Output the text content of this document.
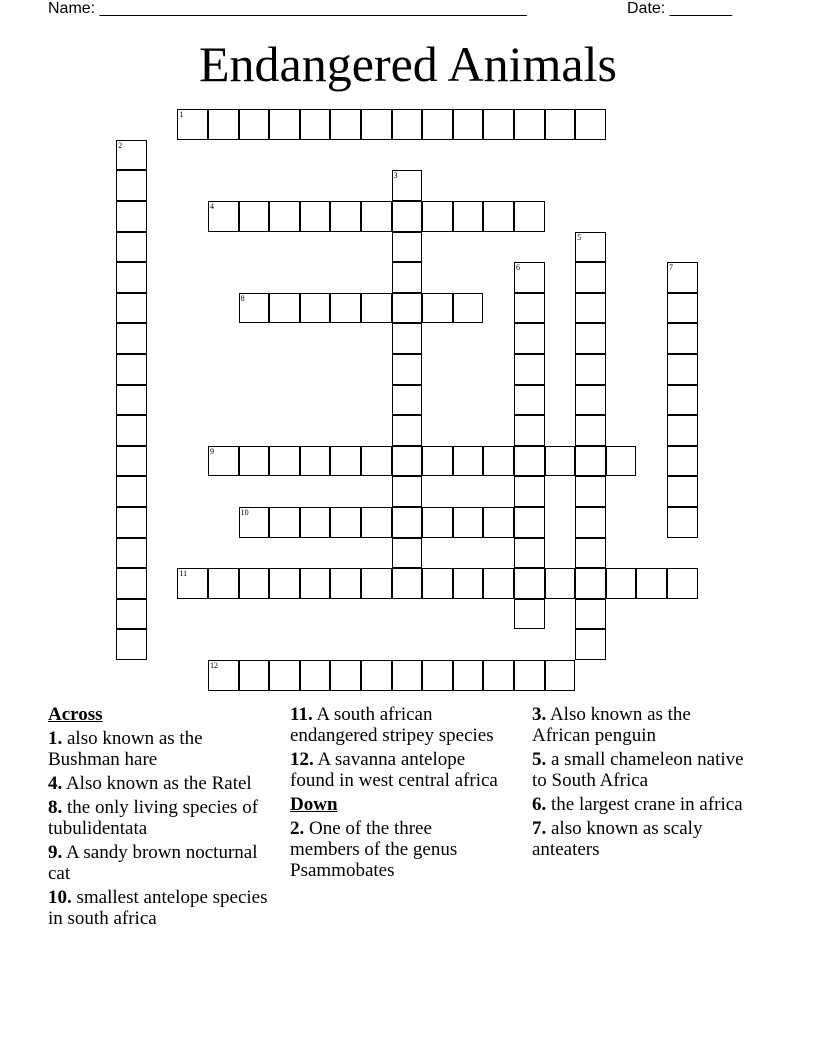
Name: ________________________________________________	Date: _______
Endangered Animals
1
2
3
4
5
6	7
8
9
10
11
12
Across
1. also known as the Bushman hare
4. Also known as the Ratel
8. the only living species of tubulidentata
9. A sandy brown nocturnal cat
10. smallest antelope species in south africa
11. A south african endangered stripey species
12. A savanna antelope found in west central africa
Down
2. One of the three members of the genus Psammobates
3. Also known as the African penguin
5. a small chameleon native to South Africa
6. the largest crane in africa
7. also known as scaly anteaters
